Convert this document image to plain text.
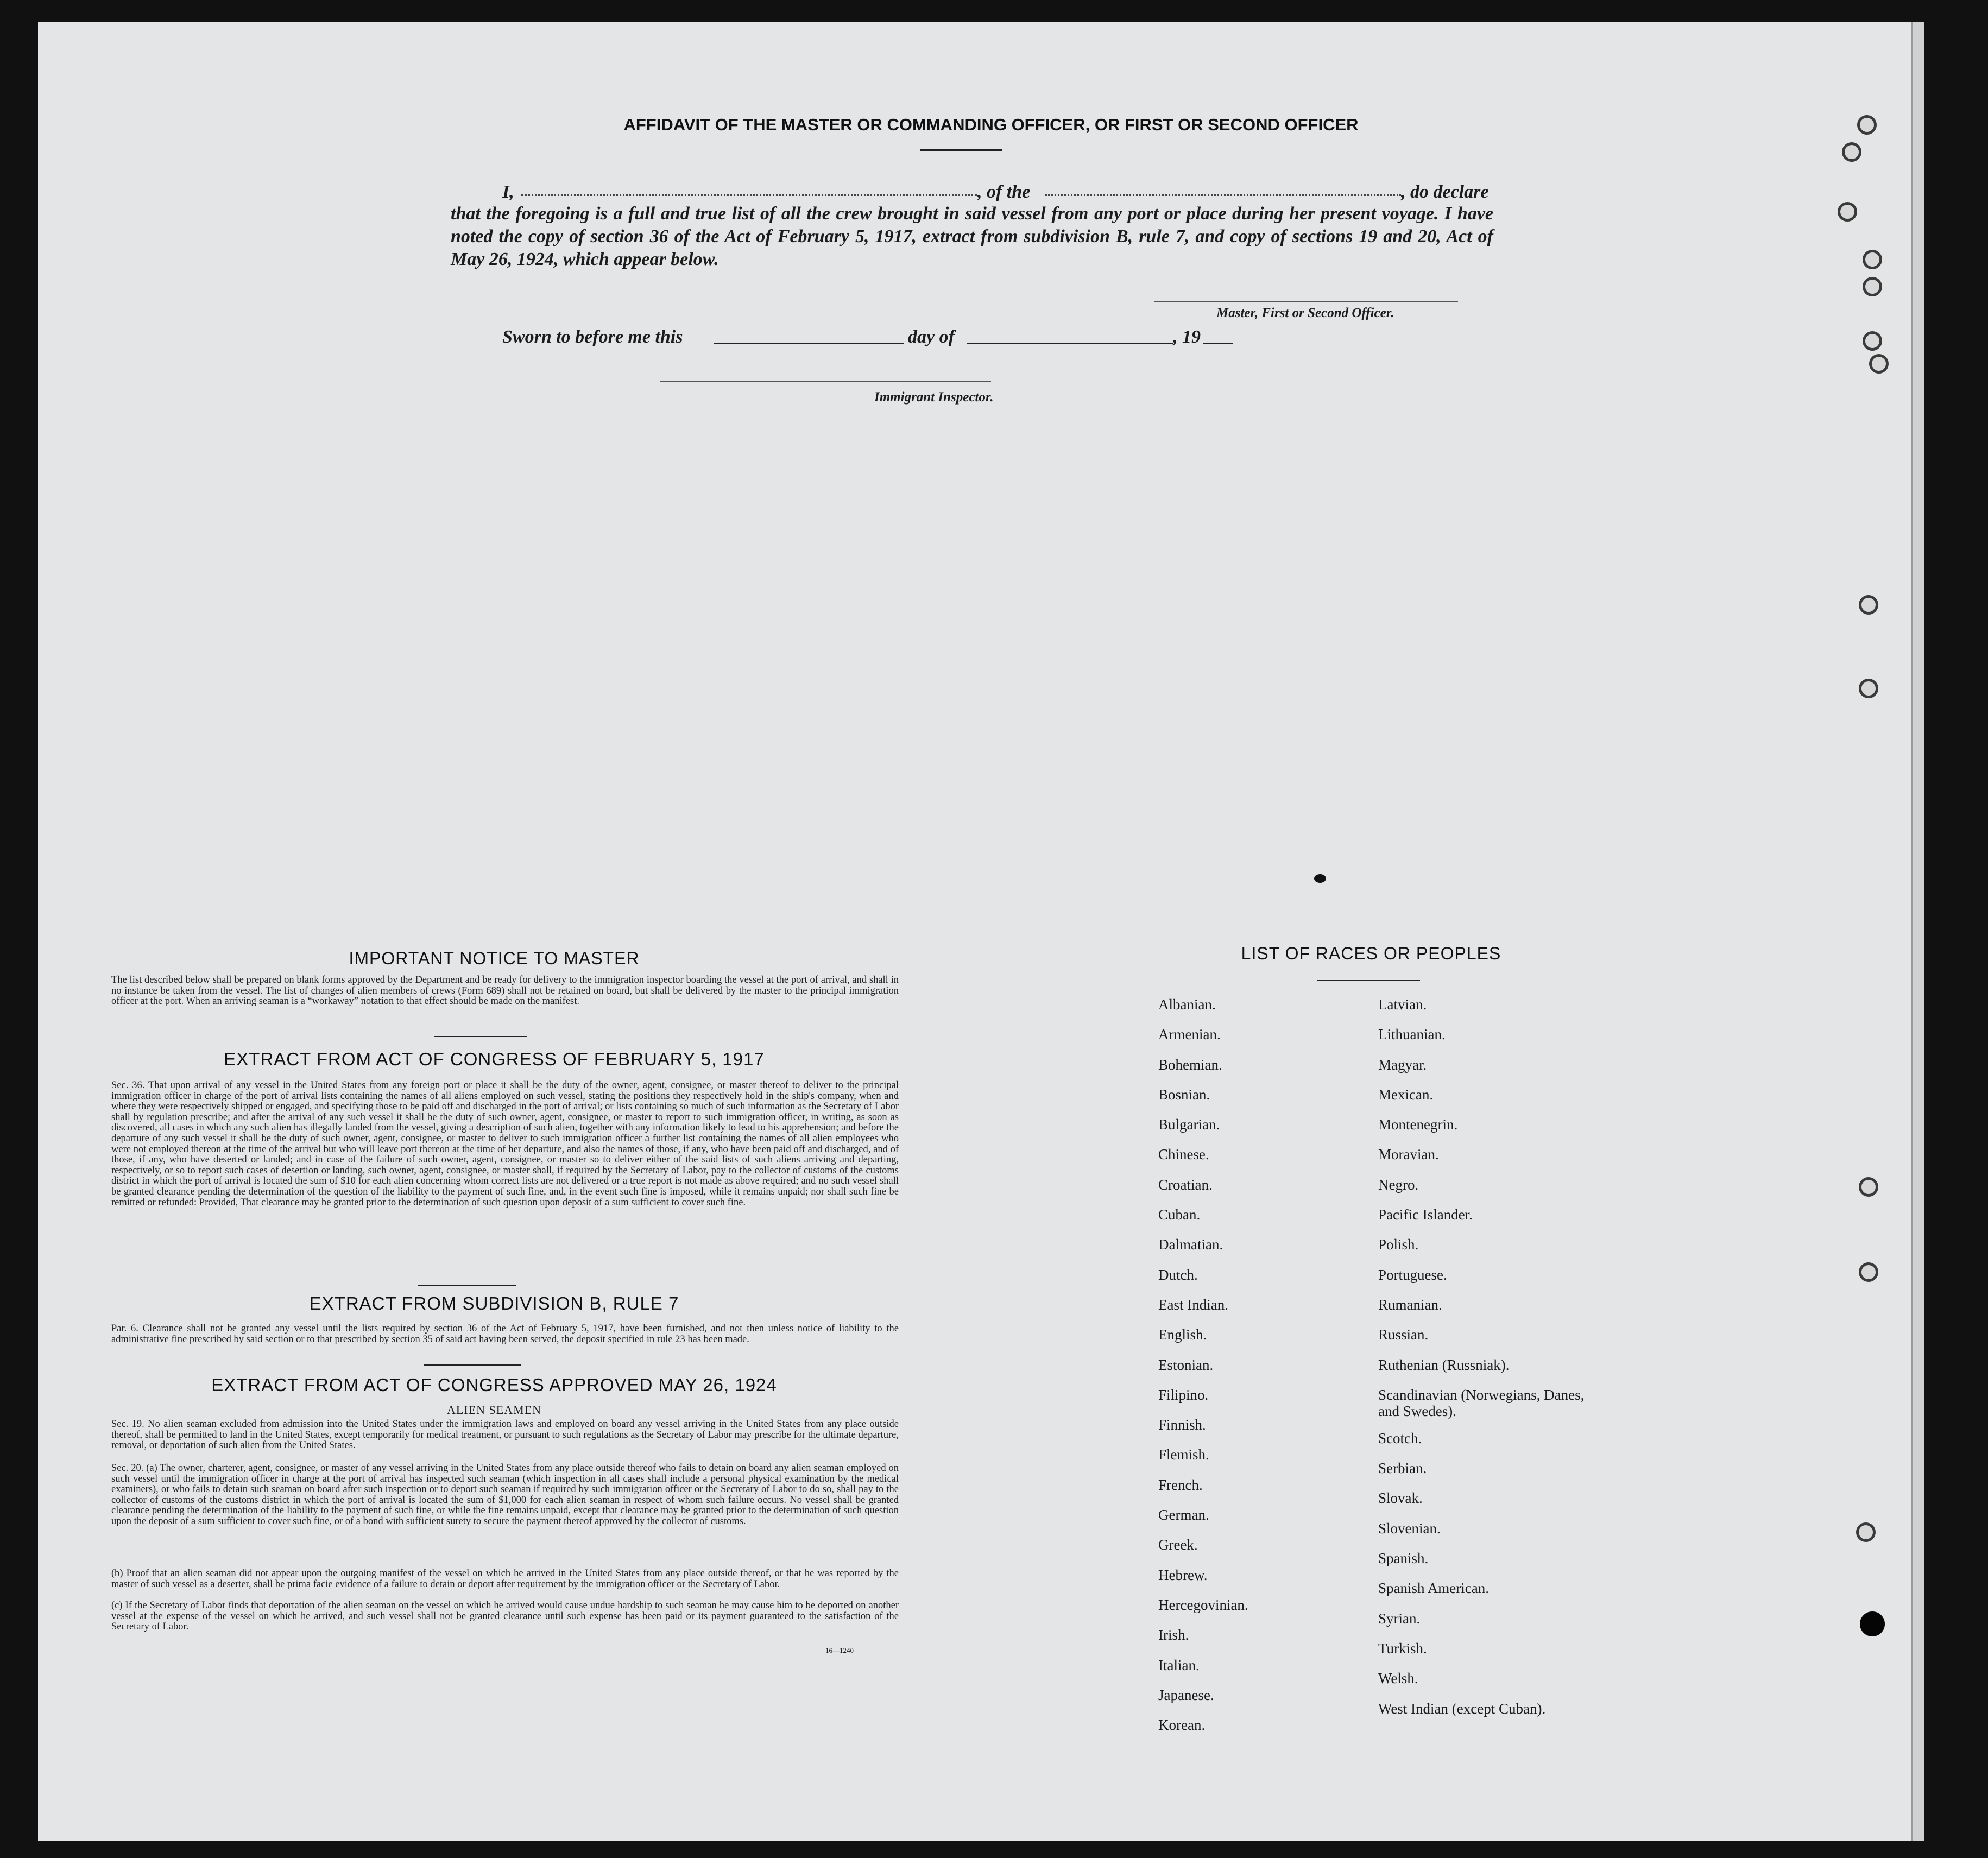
AFFIDAVIT OF THE MASTER OR COMMANDING OFFICER, OR FIRST OR SECOND OFFICER
I,	, of the	, do declare
that the foregoing is a full and true list of all the crew brought in said vessel from any port or place during her present voyage. I have noted the copy of section 36 of the Act of February 5, 1917, extract from subdivision B, rule 7, and copy of sections 19 and 20, Act of May 26, 1924, which appear below.
Master, First or Second Officer.
Sworn to before me this	day of	, 19
Immigrant Inspector.
IMPORTANT NOTICE TO MASTER
The list described below shall be prepared on blank forms approved by the Department and be ready for delivery to the immigration inspector boarding the vessel at the port of arrival, and shall in no instance be taken from the vessel. The list of changes of alien members of crews (Form 689) shall not be retained on board, but shall be delivered by the master to the principal immigration officer at the port. When an arriving seaman is a “workaway” notation to that effect should be made on the manifest.
EXTRACT FROM ACT OF CONGRESS OF FEBRUARY 5, 1917
Sec. 36. That upon arrival of any vessel in the United States from any foreign port or place it shall be the duty of the owner, agent, consignee, or master thereof to deliver to the principal immigration officer in charge of the port of arrival lists containing the names of all aliens employed on such vessel, stating the positions they respectively hold in the ship's company, when and where they were respectively shipped or engaged, and specifying those to be paid off and discharged in the port of arrival; or lists containing so much of such information as the Secretary of Labor shall by regulation prescribe; and after the arrival of any such vessel it shall be the duty of such owner, agent, consignee, or master to report to such immigration officer, in writing, as soon as discovered, all cases in which any such alien has illegally landed from the vessel, giving a description of such alien, together with any information likely to lead to his apprehension; and before the departure of any such vessel it shall be the duty of such owner, agent, consignee, or master to deliver to such immigration officer a further list containing the names of all alien employees who were not employed thereon at the time of the arrival but who will leave port thereon at the time of her departure, and also the names of those, if any, who have been paid off and discharged, and of those, if any, who have deserted or landed; and in case of the failure of such owner, agent, consignee, or master so to deliver either of the said lists of such aliens arriving and departing, respectively, or so to report such cases of desertion or landing, such owner, agent, consignee, or master shall, if required by the Secretary of Labor, pay to the collector of customs of the customs district in which the port of arrival is located the sum of $10 for each alien concerning whom correct lists are not delivered or a true report is not made as above required; and no such vessel shall be granted clearance pending the determination of the question of the liability to the payment of such fine, and, in the event such fine is imposed, while it remains unpaid; nor shall such fine be remitted or refunded: Provided, That clearance may be granted prior to the determination of such question upon deposit of a sum sufficient to cover such fine.
EXTRACT FROM SUBDIVISION B, RULE 7
Par. 6. Clearance shall not be granted any vessel until the lists required by section 36 of the Act of February 5, 1917, have been furnished, and not then unless notice of liability to the administrative fine prescribed by said section or to that prescribed by section 35 of said act having been served, the deposit specified in rule 23 has been made.
EXTRACT FROM ACT OF CONGRESS APPROVED MAY 26, 1924
ALIEN SEAMEN
Sec. 19. No alien seaman excluded from admission into the United States under the immigration laws and employed on board any vessel arriving in the United States from any place outside thereof, shall be permitted to land in the United States, except temporarily for medical treatment, or pursuant to such regulations as the Secretary of Labor may prescribe for the ultimate departure, removal, or deportation of such alien from the United States.
Sec. 20. (a) The owner, charterer, agent, consignee, or master of any vessel arriving in the United States from any place outside thereof who fails to detain on board any alien seaman employed on such vessel until the immigration officer in charge at the port of arrival has inspected such seaman (which inspection in all cases shall include a personal physical examination by the medical examiners), or who fails to detain such seaman on board after such inspection or to deport such seaman if required by such immigration officer or the Secretary of Labor to do so, shall pay to the collector of customs of the customs district in which the port of arrival is located the sum of $1,000 for each alien seaman in respect of whom such failure occurs. No vessel shall be granted clearance pending the determination of the liability to the payment of such fine, or while the fine remains unpaid, except that clearance may be granted prior to the determination of such question upon the deposit of a sum sufficient to cover such fine, or of a bond with sufficient surety to secure the payment thereof approved by the collector of customs.
(b) Proof that an alien seaman did not appear upon the outgoing manifest of the vessel on which he arrived in the United States from any place outside thereof, or that he was reported by the master of such vessel as a deserter, shall be prima facie evidence of a failure to detain or deport after requirement by the immigration officer or the Secretary of Labor.
(c) If the Secretary of Labor finds that deportation of the alien seaman on the vessel on which he arrived would cause undue hardship to such seaman he may cause him to be deported on another vessel at the expense of the vessel on which he arrived, and such vessel shall not be granted clearance until such expense has been paid or its payment guaranteed to the satisfaction of the Secretary of Labor.
16—1240
LIST OF RACES OR PEOPLES
Albanian.
Armenian.
Bohemian.
Bosnian.
Bulgarian.
Chinese.
Croatian.
Cuban.
Dalmatian.
Dutch.
East Indian.
English.
Estonian.
Filipino.
Finnish.
Flemish.
French.
German.
Greek.
Hebrew.
Hercegovinian.
Irish.
Italian.
Japanese.
Korean.
Latvian.
Lithuanian.
Magyar.
Mexican.
Montenegrin.
Moravian.
Negro.
Pacific Islander.
Polish.
Portuguese.
Rumanian.
Russian.
Ruthenian (Russniak).
Scandinavian (Norwegians, Danes, and Swedes).
Scotch.
Serbian.
Slovak.
Slovenian.
Spanish.
Spanish American.
Syrian.
Turkish.
Welsh.
West Indian (except Cuban).
